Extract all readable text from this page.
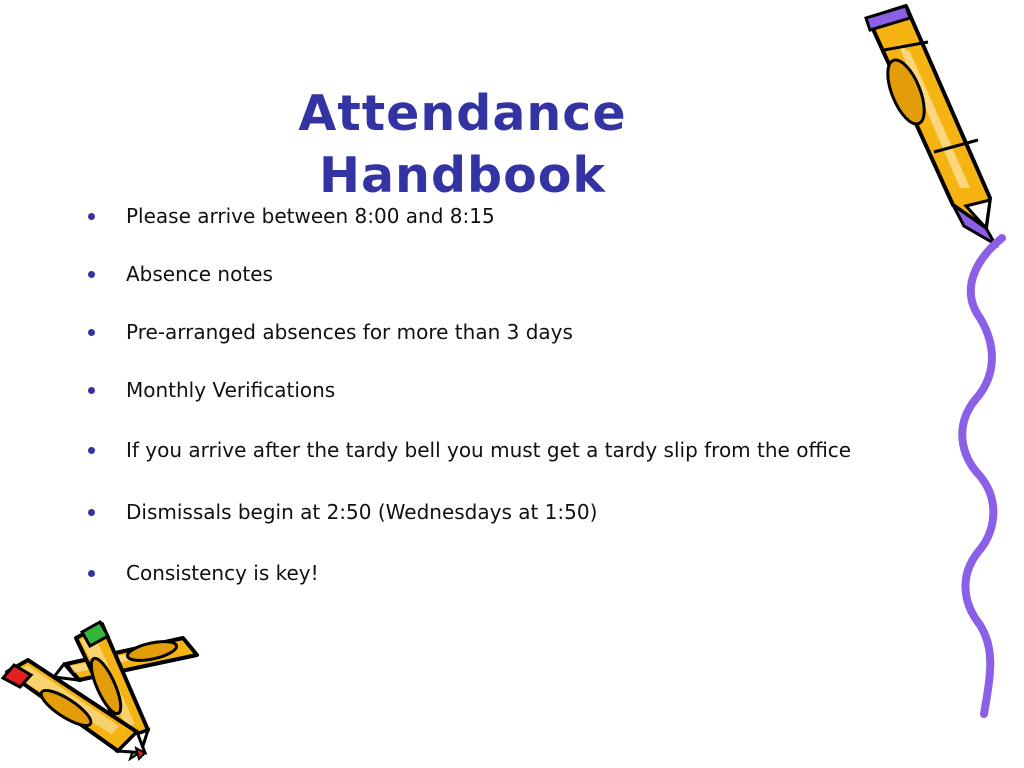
Attendance
Handbook
Please arrive between 8:00 and 8:15
Absence notes
Pre-arranged absences for more than 3 days
Monthly Verifications
If you arrive after the tardy bell you must get a tardy slip from the office
Dismissals begin at 2:50 (Wednesdays at 1:50)
Consistency is key!
